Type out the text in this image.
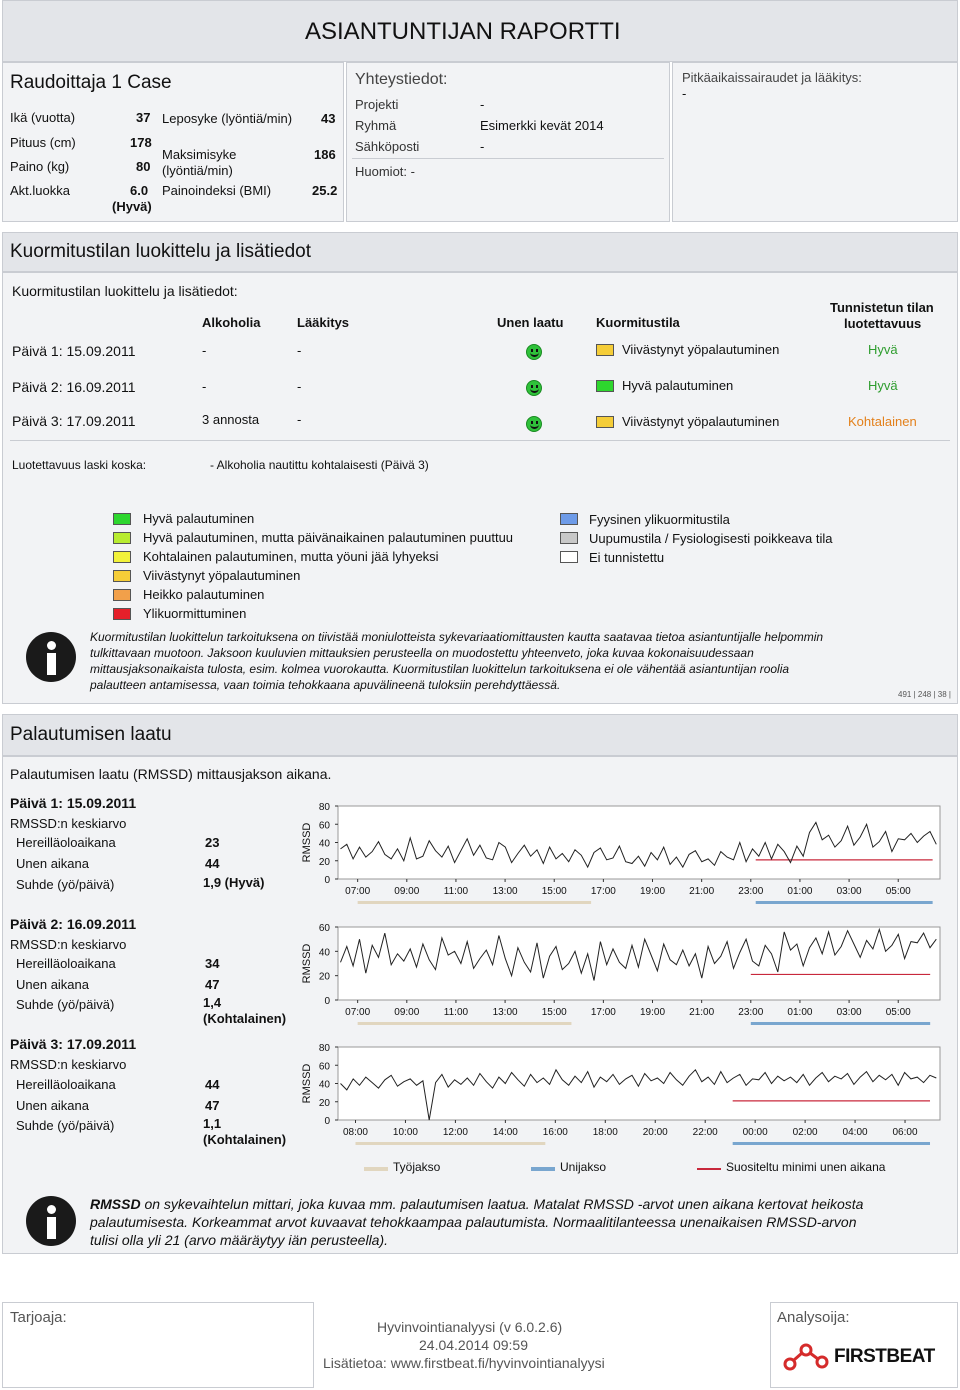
ASIANTUNTIJAN RAPORTTI
Raudoittaja 1 Case
Ikä (vuotta)	37
Pituus (cm)	178
Paino (kg)	80
Akt.luokka	6.0
(Hyvä)
Leposyke (lyöntiä/min) 43
Maksimisyke
(lyöntiä/min)
186
Painoindeksi (BMI)	25.2
Yhteystiedot:
Projekti	-
Ryhmä	Esimerkki kevät 2014
Sähköposti	-
Huomiot: -
Pitkäaikaissairaudet ja lääkitys:
-
Kuormitustilan luokittelu ja lisätiedot
Kuormitustilan luokittelu ja lisätiedot:
Alkoholia	Lääkitys	Unen laatu	Kuormitustila
Tunnistetun tilan
luotettavuus
Päivä 1: 15.09.2011	-	-	Viivästynyt yöpalautuminen	Hyvä
Päivä 2: 16.09.2011	-	-	Hyvä palautuminen	Hyvä
Päivä 3: 17.09.2011	3 annosta	-	Viivästynyt yöpalautuminen	Kohtalainen
Luotettavuus laski koska:	- Alkoholia nautittu kohtalaisesti (Päivä 3)
Hyvä palautuminen
Hyvä palautuminen, mutta päivänaikainen palautuminen puuttuu
Kohtalainen palautuminen, mutta yöuni jää lyhyeksi
Viivästynyt yöpalautuminen
Heikko palautuminen
Ylikuormittuminen
Fyysinen ylikuormitustila
Uupumustila / Fysiologisesti poikkeava tila
Ei tunnistettu
Kuormitustilan luokittelun tarkoituksena on tiivistää moniulotteista sykevariaatiomittausten kautta saatavaa tietoa asiantuntijalle helpommin
tulkittavaan muotoon. Jaksoon kuuluvien mittauksien perusteella on muodostettu yhteenveto, joka kuvaa kokonaisuudessaan
mittausjaksonaikaista tulosta, esim. kolmea vuorokautta. Kuormitustilan luokittelun tarkoituksena ei ole vähentää asiantuntijan roolia
palautteen antamisessa, vaan toimia tehokkaana apuvälineenä tuloksiin perehdyttäessä.
491 | 248 | 38 |
Palautumisen laatu
Palautumisen laatu (RMSSD) mittausjakson aikana.
Päivä 1: 15.09.2011
RMSSD:n keskiarvo
Hereilläoloaikana	23
Unen aikana	44
Suhde (yö/päivä)	1,9 (Hyvä)
Päivä 2: 16.09.2011
RMSSD:n keskiarvo
Hereilläoloaikana	34
Unen aikana	47
Suhde (yö/päivä)	1,4
(Kohtalainen)
Päivä 3: 17.09.2011
RMSSD:n keskiarvo
Hereilläoloaikana	44
Unen aikana	47
Suhde (yö/päivä)	1,1
(Kohtalainen)
0
20
40
60
80
RMSSD
07:00 09:00 11:00 13:00 15:00 17:00 19:00 21:00 23:00 01:00 03:00 05:00
0
20
40
60
RMSSD
07:00 09:00 11:00 13:00 15:00 17:00 19:00 21:00 23:00 01:00 03:00 05:00
0
20
40
60
80
RMSSD
08:00 10:00 12:00 14:00 16:00 18:00 20:00 22:00 00:00 02:00 04:00 06:00
Työjakso	Unijakso	Suositeltu minimi unen aikana
RMSSD on sykevaihtelun mittari, joka kuvaa mm. palautumisen laatua. Matalat RMSSD -arvot unen aikana kertovat heikosta
palautumisesta. Korkeammat arvot kuvaavat tehokkaampaa palautumista. Normaalitilanteessa unenaikaisen RMSSD-arvon
tulisi olla yli 21 (arvo määräytyy iän perusteella).
Tarjoaja:
Hyvinvointianalyysi (v 6.0.2.6)
24.04.2014 09:59
Lisätietoa: www.firstbeat.fi/hyvinvointianalyysi
Analysoija:
FIRSTBEAT
